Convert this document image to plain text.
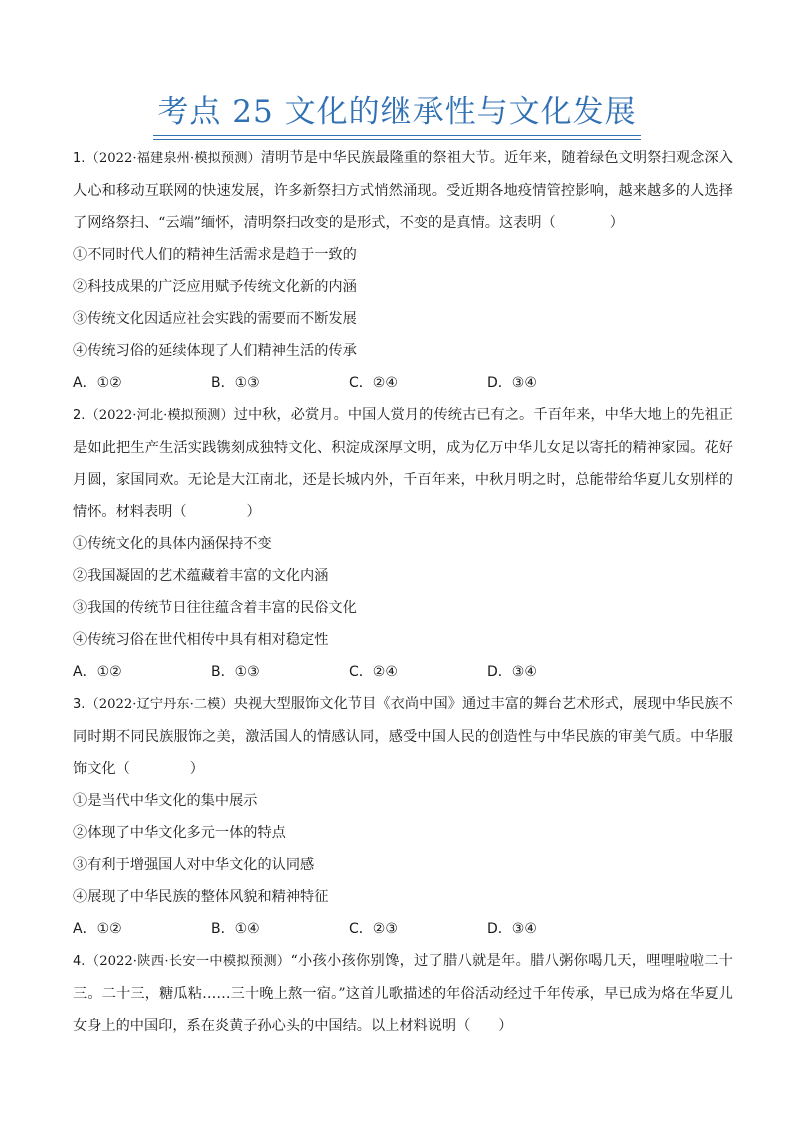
考点 25 文化的继承性与文化发展

1.（2022·福建泉州·模拟预测）清明节是中华民族最隆重的祭祖大节。近年来，随着绿色文明祭扫观念深入人心和移动互联网的快速发展，许多新祭扫方式悄然涌现。受近期各地疫情管控影响，越来越多的人选择了网络祭扫、“云端”缅怀，清明祭扫改变的是形式，不变的是真情。这表明（	）

①不同时代人们的精神生活需求是趋于一致的

②科技成果的广泛应用赋予传统文化新的内涵

③传统文化因适应社会实践的需要而不断发展

④传统习俗的延续体现了人们精神生活的传承

A．①②	B．①③	C．②④	D．③④

2.（2022·河北·模拟预测）过中秋，必赏月。中国人赏月的传统古已有之。千百年来，中华大地上的先祖正是如此把生产生活实践镌刻成独特文化、积淀成深厚文明，成为亿万中华儿女足以寄托的精神家园。花好月圆，家国同欢。无论是大江南北，还是长城内外，千百年来，中秋月明之时，总能带给华夏儿女别样的情怀。材料表明（	）

①传统文化的具体内涵保持不变

②我国凝固的艺术蕴藏着丰富的文化内涵

③我国的传统节日往往蕴含着丰富的民俗文化

④传统习俗在世代相传中具有相对稳定性

A．①②	B．①③	C．②④	D．③④

3.（2022·辽宁丹东·二模）央视大型服饰文化节目《衣尚中国》通过丰富的舞台艺术形式，展现中华民族不同时期不同民族服饰之美，激活国人的情感认同，感受中国人民的创造性与中华民族的审美气质。中华服饰文化（	）

①是当代中华文化的集中展示

②体现了中华文化多元一体的特点

③有利于增强国人对中华文化的认同感

④展现了中华民族的整体风貌和精神特征

A．①②	B．①④	C．②③	D．③④

4.（2022·陕西·长安一中模拟预测）“小孩小孩你别馋，过了腊八就是年。腊八粥你喝几天，哩哩啦啦二十三。二十三，糖瓜粘……三十晚上熬一宿。”这首儿歌描述的年俗活动经过千年传承，早已成为烙在华夏儿女身上的中国印，系在炎黄子孙心头的中国结。以上材料说明（ ）
